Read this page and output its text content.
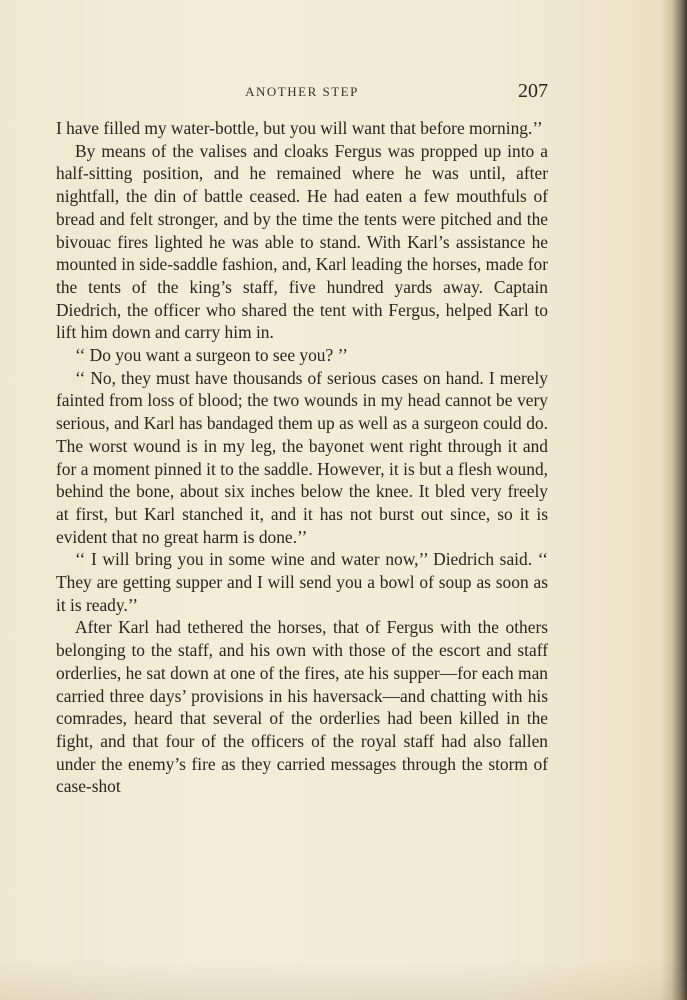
ANOTHER STEP	207

I have filled my water-bottle, but you will want that before morning.’’

By means of the valises and cloaks Fergus was propped up into a half-sitting position, and he remained where he was until, after nightfall, the din of battle ceased. He had eaten a few mouthfuls of bread and felt stronger, and by the time the tents were pitched and the bivouac fires lighted he was able to stand. With Karl’s assistance he mounted in side-saddle fashion, and, Karl leading the horses, made for the tents of the king’s staff, five hundred yards away. Captain Diedrich, the officer who shared the tent with Fergus, helped Karl to lift him down and carry him in.

‘‘ Do you want a surgeon to see you? ’’

‘‘ No, they must have thousands of serious cases on hand. I merely fainted from loss of blood; the two wounds in my head cannot be very serious, and Karl has bandaged them up as well as a surgeon could do. The worst wound is in my leg, the bayonet went right through it and for a moment pinned it to the saddle. However, it is but a flesh wound, behind the bone, about six inches below the knee. It bled very freely at first, but Karl stanched it, and it has not burst out since, so it is evident that no great harm is done.’’

‘‘ I will bring you in some wine and water now,’’ Diedrich said. ‘‘ They are getting supper and I will send you a bowl of soup as soon as it is ready.’’

After Karl had tethered the horses, that of Fergus with the others belonging to the staff, and his own with those of the escort and staff orderlies, he sat down at one of the fires, ate his supper—for each man carried three days’ provisions in his haversack—and chatting with his comrades, heard that several of the orderlies had been killed in the fight, and that four of the officers of the royal staff had also fallen under the enemy’s fire as they carried messages through the storm of case-shot
